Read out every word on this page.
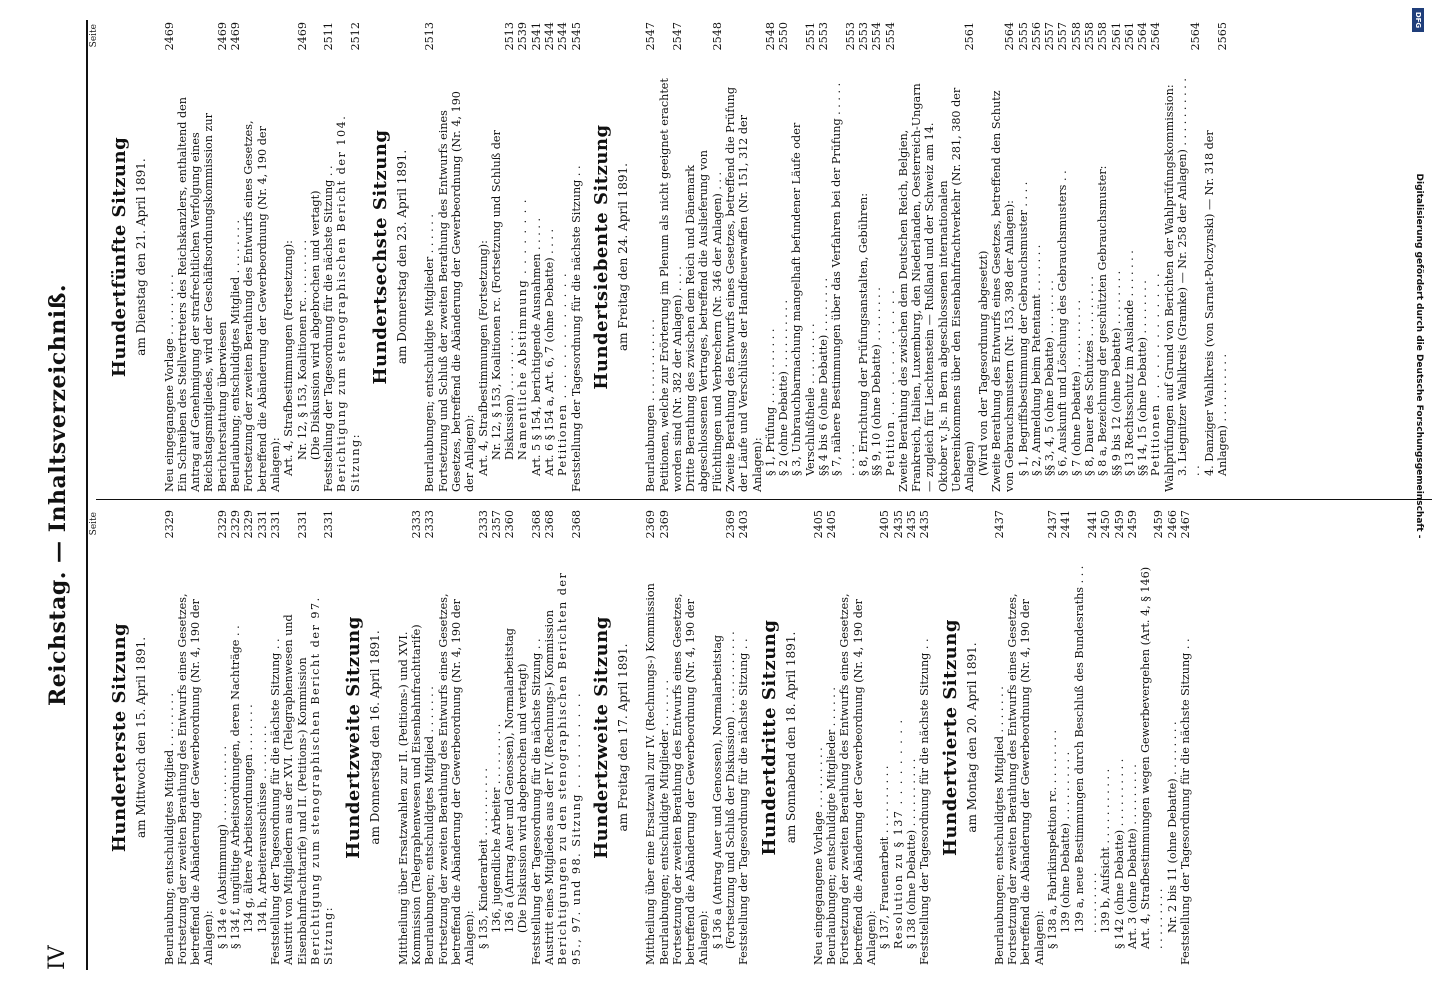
IV
Reichstag. — Inhaltsverzeichniß. Seite
Hunderterste Sitzung am Mittwoch den 15. April 1891. Beurlaubung; entschuldigtes Mitglied . . . . . . . .
2329
Fortsetzung der zweiten Berathung des Entwurfs eines Gesetzes, betreffend die Abänderung der Gewerbeordnung (Nr. 4, 190 der Anlagen): § 134 e (Abstimmung) . . . . . . . . . . .
2329
§ 134 f, ungültige Arbeitsordnungen, deren Nachträge . .
2329
134 g, ältere Arbeitsordnungen . . . . . . .
2329
134 h, Arbeiterausschüsse . . . . . . . .
2331
Feststellung der Tagesordnung für die nächste Sitzung . .
2331
Austritt von Mitgliedern aus der XVI. (Telegraphenwesen und Eisenbahnfrachttarife) und II. (Petitions-) Kommission
2331
Berichtigung zum stenographischen Bericht der 97. Sitzung:
2331
Hundertzweite Sitzung am Donnerstag den 16. April 1891. Mittheilung über Ersatzwahlen zur II. (Petitions-) und XVI. Kommission (Telegraphenwesen und Eisenbahnfrachttarife)
2333
Beurlaubungen; entschuldigtes Mitglied . . . . . . .
2333
Fortsetzung der zweiten Berathung des Entwurfs eines Gesetzes, betreffend die Abänderung der Gewerbeordnung (Nr. 4, 190 der Anlagen): § 135, Kinderarbeit . . . . . . . . . .
2333
136, jugendliche Arbeiter . . . . . . . . .
2357
136 a (Antrag Auer und Genossen), Normalarbeitstag
2360
(Die Diskussion wird abgebrochen und vertagt) Feststellung der Tagesordnung für die nächste Sitzung . .
2368
Austritt eines Mitgliedes aus der IV. (Rechnungs-) Kommission
2368
Berichtigungen zu den stenographischen Berichten der 95., 97. und 98. Sitzung . . . . . . . . . .
2368
Hundertzweite Sitzung am Freitag den 17. April 1891. Mittheilung über eine Ersatzwahl zur IV. (Rechnungs-) Kommission
2369
Beurlaubungen; entschuldigte Mitglieder . . . . . . .
2369
Fortsetzung der zweiten Berathung des Entwurfs eines Gesetzes, betreffend die Abänderung der Gewerbeordnung (Nr. 4, 190 der Anlagen): § 136 a (Antrag Auer und Genossen), Normalarbeitstag (Fortsetzung und Schluß der Diskussion) . . . . . . . . . . . .
2369
Feststellung der Tagesordnung für die nächste Sitzung . .
2403
Hundertdritte Sitzung am Sonnabend den 18. April 1891.
Neu eingegangene Vorlage . . . . . . . . .
2405
Beurlaubungen; entschuldigte Mitglieder . . . . . .
2405
Fortsetzung der zweiten Berathung des Entwurfs eines Gesetzes, betreffend die Abänderung der Gewerbeordnung (Nr. 4, 190 der Anlagen): § 137, Frauenarbeit . . . . . . . . . .
2405
Resolution zu § 137 . . . . . . . . .
2435
§ 138 (ohne Debatte) . . . . . . . . . .
2435
Feststellung der Tagesordnung für die nächste Sitzung . .
2435
Hundertvierte Sitzung am Montag den 20. April 1891. Beurlaubungen; entschuldigtes Mitglied . . . . . . .
2437
Fortsetzung der zweiten Berathung des Entwurfs eines Gesetzes, betreffend die Abänderung der Gewerbeordnung (Nr. 4, 190 der Anlagen): § 138 a, Fabrikinspektion rc. . . . . . . . .
2437
139 (ohne Debatte) . . . . . . . . . .
2441
139 a, neue Bestimmungen durch Beschluß des Bundesraths . . . . . . . . . . . .
2441
139 b, Aufsicht . . . . . . . . . . .
2450
§ 142 (ohne Debatte) . . . . . . . . . .
2459
Art. 3 (ohne Debatte) . . . . . . . . .
2459
Art. 4, Strafbestimmungen wegen Gewerbevergehen (Art. 4, § 146) . . . . . . . . .
2459
Nr. 2 bis 11 (ohne Debatte) . . . . . . . .
2466
Feststellung der Tagesordnung für die nächste Sitzung . .
2467
Seite
Hundertfünfte Sitzung am Dienstag den 21. April 1891.
Neu eingegangene Vorlage . . . . . . . . .
2469
Ein Schreiben des Stellvertreters des Reichskanzlers, enthaltend den Antrag auf Genehmigung der strafrechtlichen Verfolgung eines Reichstagsmitgliedes, wird der Geschäftsordnungskommission zur Berichterstattung überwiesen
2469
Beurlaubung; entschuldigtes Mitglied . . . . . . . .
2469
Fortsetzung der zweiten Berathung des Entwurfs eines Gesetzes, betreffend die Abänderung der Gewerbeordnung (Nr. 4, 190 der Anlagen): Art. 4, Strafbestimmungen (Fortsetzung): Nr. 12, § 153, Koalitionen rc. . . . . . . . .
2469
(Die Diskussion wird abgebrochen und vertagt) Feststellung der Tagesordnung für die nächste Sitzung . .
2511
Berichtigung zum stenographischen Bericht der 104. Sitzung:
2512
Hundertsechste Sitzung am Donnerstag den 23. April 1891. Beurlaubungen; entschuldigte Mitglieder . . . . . .
2513
Fortsetzung und Schluß der zweiten Berathung des Entwurfs eines Gesetzes, betreffend die Abänderung der Gewerbeordnung (Nr. 4, 190 der Anlagen): Art. 4, Strafbestimmungen (Fortsetzung): Nr. 12, § 153, Koalitionen rc. (Fortsetzung und Schluß der Diskussion) . . . . . . . . .
2513
Namentliche Abstimmung . . . . . . . .
2539
Art. 5 § 154, berichtigende Ausnahmen . . . . .
2541
Art. 6 § 154 a, Art. 6, 7 (ohne Debatte) . . . .
2544
Petitionen . . . . . . . . . . . . .
2544
Feststellung der Tagesordnung für die nächste Sitzung . .
2545
Hundertsiebente Sitzung am Freitag den 24. April 1891.
Beurlaubungen . . . . . . . . . . . .
2547
Petitionen, welche zur Erörterung im Plenum als nicht geeignet erachtet worden sind (Nr. 382 der Anlagen) . . . .
2547
Dritte Berathung des zwischen dem Reich und Dänemark abgeschlossenen Vertrages, betreffend die Auslieferung von Flüchtlingen und Verbrechern (Nr. 346 der Anlagen) . . .
2548
Zweite Berathung des Entwurfs eines Gesetzes, betreffend die Prüfung der Läufe und Verschlüsse der Handfeuerwaffen (Nr. 151, 312 der Anlagen): § 1, Prüfung . . . . . . . . . . .
2548
§ 2 (ohne Debatte) . . . . . . . . . .
2550
§ 3, Unbrauchbarmachung mangelhaft befundener Läufe oder Verschlußtheile . . . . . . . . .
2551
§§ 4 bis 6 (ohne Debatte) . . . . . . . .
2553
§ 7, nähere Bestimmungen über das Verfahren bei der Prüfung . . . . . . . . . .
2553
§ 8, Errichtung der Prüfungsanstalten, Gebühren:
2553
§§ 9, 10 (ohne Debatte) . . . . . . . .
2554
Petition . . . . . . . . . . . . .
2554
Zweite Berathung des zwischen dem Deutschen Reich, Belgien, Frankreich, Italien, Luxemburg, den Niederlanden, Oesterreich-Ungarn — zugleich für Liechtenstein — Rußland und der Schweiz am 14. Oktober v. Js. in Bern abgeschlossenen internationalen Uebereinkommens über den Eisenbahnfrachtverkehr (Nr. 281, 380 der Anlagen)
2561
(Wird von der Tagesordnung abgesetzt) Zweite Berathung des Entwurfs eines Gesetzes, betreffend den Schutz von Gebrauchsmustern (Nr. 153, 398 der Anlagen):
2564
§ 1, Begriffsbestimmung der Gebrauchsmuster . . . .
2555
§ 2, Anmeldung beim Patentamt . . . . . . .
2556
§§ 3, 4, 5 (ohne Debatte) . . . . . . . .
2557
§ 6, Auskunft und Löschung des Gebrauchsmusters . .
2557
§ 7 (ohne Debatte) . . . . . . . . . .
2558
§ 8, Dauer des Schutzes . . . . . . . . .
2558
§ 8 a, Bezeichnung der geschützten Gebrauchsmuster:
2558
§§ 9 bis 12 (ohne Debatte) . . . . . . . .
2561
§ 13 Rechtsschutz im Auslande . . . . . . .
2561
§§ 14, 15 (ohne Debatte) . . . . . . . .
2564
Petitionen . . . . . . . . . . . . .
2564
Wahlprüfungen auf Grund von Berichten der Wahlprüfungskommission: 3. Liegnitzer Wahlkreis (Gramke) — Nr. 258 der Anlagen) . . . . . . . . . . . .
2564
4. Danziger Wahlkreis (von Sarnat-Polczynski) — Nr. 318 der Anlagen) . . . . . . . . . .
2565
DFG
Digitalisierung gefördert durch die Deutsche Forschungsgemeinschaft -
